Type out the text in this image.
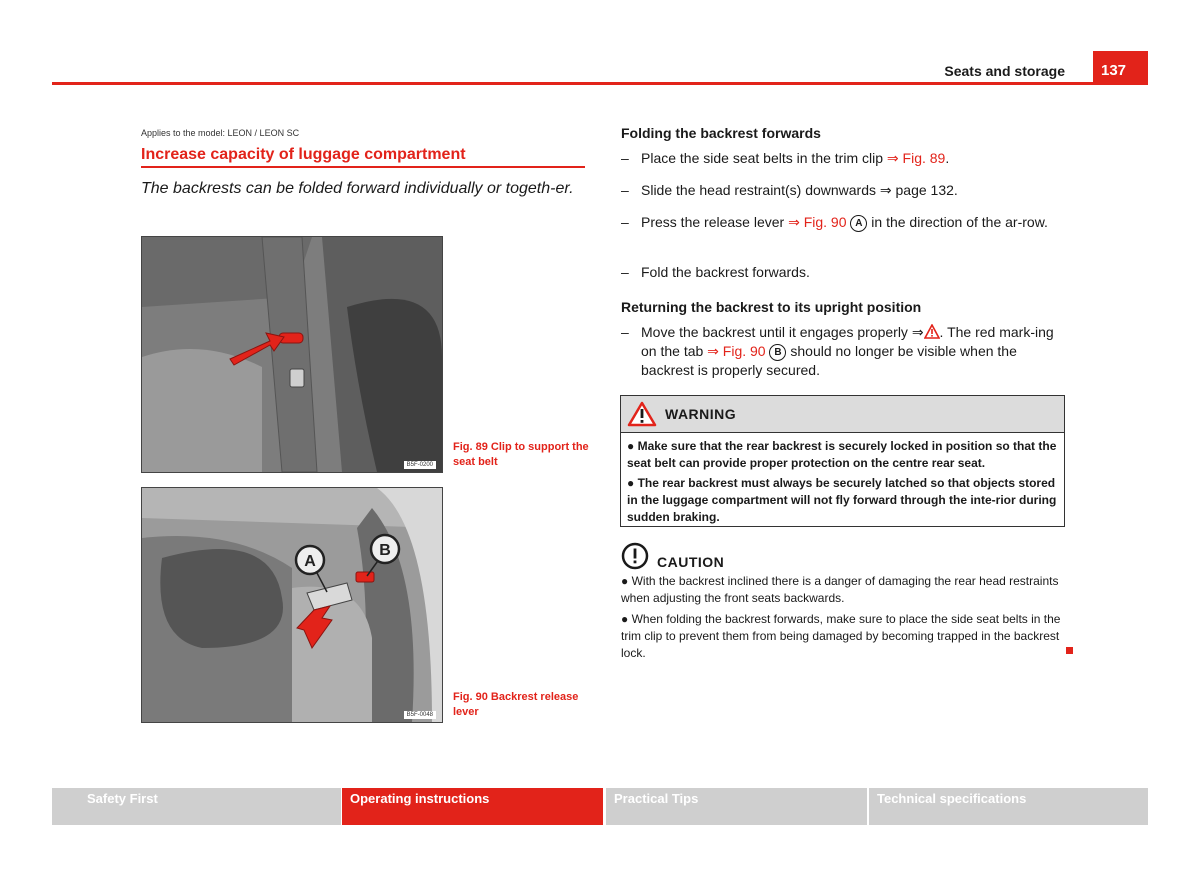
Seats and storage	137
Applies to the model: LEON / LEON SC
Increase capacity of luggage compartment
The backrests can be folded forward individually or togeth-er.
B5F-0200
Fig. 89 Clip to support the seat belt
A
B
B5F-0048
Fig. 90 Backrest release lever
Folding the backrest forwards
– Place the side seat belts in the trim clip ⇒ Fig. 89.
– Slide the head restraint(s) downwards ⇒ page 132.
– Press the release lever ⇒ Fig. 90 A in the direction of the ar-row.
– Fold the backrest forwards.
Returning the backrest to its upright position
– Move the backrest until it engages properly ⇒ . The red mark-ing on the tab ⇒ Fig. 90 B should no longer be visible when the backrest is properly secured.
WARNING
● Make sure that the rear backrest is securely locked in position so that the seat belt can provide proper protection on the centre rear seat.
● The rear backrest must always be securely latched so that objects stored in the luggage compartment will not fly forward through the inte-rior during sudden braking.
CAUTION
● With the backrest inclined there is a danger of damaging the rear head restraints when adjusting the front seats backwards.
● When folding the backrest forwards, make sure to place the side seat belts in the trim clip to prevent them from being damaged by becoming trapped in the backrest lock.
Safety First	Operating instructions	Practical Tips	Technical specifications
